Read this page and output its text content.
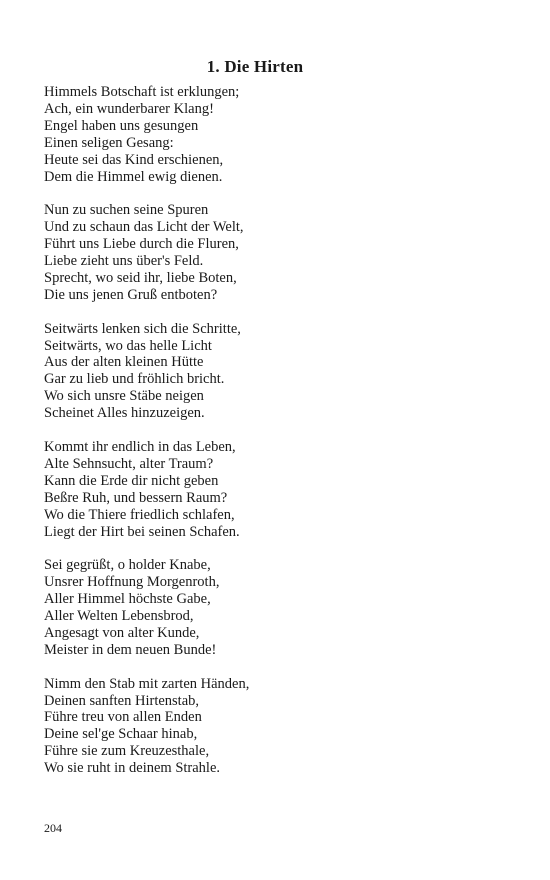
1. Die Hirten
Himmels Botschaft ist erklungen;
Ach, ein wunderbarer Klang!
Engel haben uns gesungen
Einen seligen Gesang:
Heute sei das Kind erschienen,
Dem die Himmel ewig dienen.
Nun zu suchen seine Spuren
Und zu schaun das Licht der Welt,
Führt uns Liebe durch die Fluren,
Liebe zieht uns über's Feld.
Sprecht, wo seid ihr, liebe Boten,
Die uns jenen Gruß entboten?
Seitwärts lenken sich die Schritte,
Seitwärts, wo das helle Licht
Aus der alten kleinen Hütte
Gar zu lieb und fröhlich bricht.
Wo sich unsre Stäbe neigen
Scheinet Alles hinzuzeigen.
Kommt ihr endlich in das Leben,
Alte Sehnsucht, alter Traum?
Kann die Erde dir nicht geben
Beßre Ruh, und bessern Raum?
Wo die Thiere friedlich schlafen,
Liegt der Hirt bei seinen Schafen.
Sei gegrüßt, o holder Knabe,
Unsrer Hoffnung Morgenroth,
Aller Himmel höchste Gabe,
Aller Welten Lebensbrod,
Angesagt von alter Kunde,
Meister in dem neuen Bunde!
Nimm den Stab mit zarten Händen,
Deinen sanften Hirtenstab,
Führe treu von allen Enden
Deine sel'ge Schaar hinab,
Führe sie zum Kreuzesthale,
Wo sie ruht in deinem Strahle.
204
